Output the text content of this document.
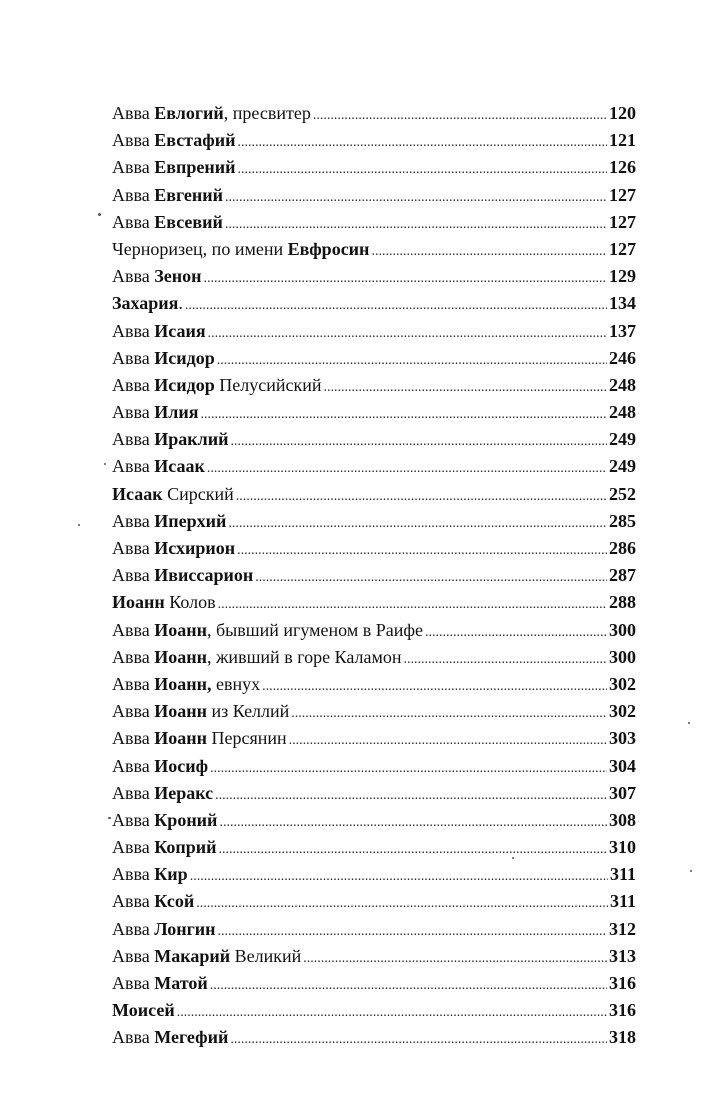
Авва Евлогий, пресвитер .....	120
Авва Евстафий .....	121
Авва Евпрений .....	126
Авва Евгений .....	127
Авва Евсевий .....	127
Черноризец, по имени Евфросин .....	127
Авва Зенон .....	129
Захария. .....	134
Авва Исаия .....	137
Авва Исидор .....	246
Авва Исидор Пелусийский .....	248
Авва Илия .....	248
Авва Ираклий .....	249
Авва Исаак .....	249
Исаак Сирский .....	252
Авва Иперхий .....	285
Авва Исхирион .....	286
Авва Ивиссарион .....	287
Иоанн Колов .....	288
Авва Иоанн, бывший игуменом в Раифе .....	300
Авва Иоанн, живший в горе Каламон .....	300
Авва Иоанн, евнух .....	302
Авва Иоанн из Келлий .....	302
Авва Иоанн Персянин .....	303
Авва Иосиф .....	304
Авва Иеракс .....	307
Авва Кроний .....	308
Авва Коприй .....	310
Авва Кир .....	311
Авва Ксой .....	311
Авва Лонгин .....	312
Авва Макарий Великий .....	313
Авва Матой .....	316
Моисей .....	316
Авва Мегефий .....	318
